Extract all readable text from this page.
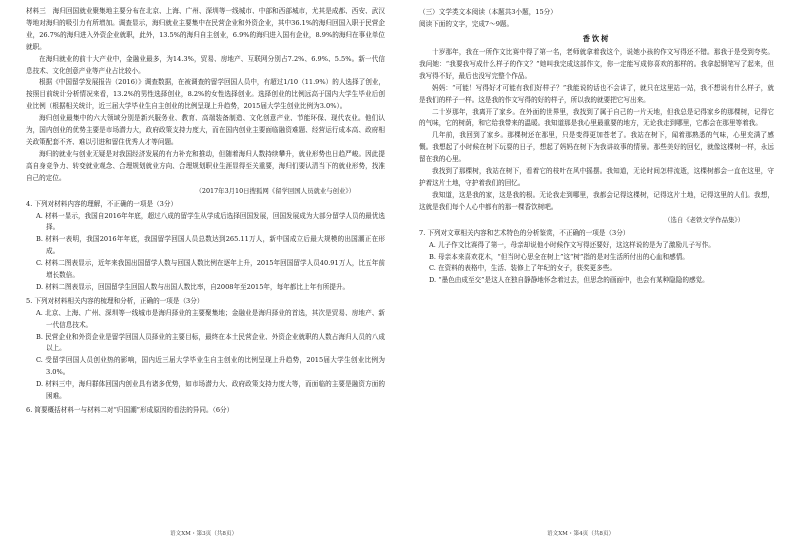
材料三　海归回国就业聚集地主要分布在北京、上海、广州、深圳等一线城市、中部和西部城市，尤其是成都、西安、武汉等地对海归的吸引力有所增加。调查显示，海归就业主要集中在民营企业和外资企业，其中36.1%的海归回国入职于民营企业，26.7%的海归进入外资企业就职，此外，13.5%的海归自主创业，6.9%的海归进入国有企业，8.9%的海归在事业单位就职。

在海归就业的前十大产业中，金融业最多，为14.3%，贸易、房地产、互联网分别占7.2%、6.9%、5.5%。新一代信息技术、文化创意产业等产业占比较小。

根据《中国留学发展报告（2016）》调查数据，在被调查的留学回国人员中，有超过1/10（11.9%）的人选择了创业，按照目前统计分析情况来看，13.2%的男性选择创业，8.2%的女性选择创业。选择创业的比例远高于国内大学生毕业后创业比例（根据相关统计，近三届大学毕业生自主创业的比例呈现上升趋势，2015届大学生创业比例为3.0%）。

海归创业最集中的六大领域分别是新兴服务业、教育、高端装备制造、文化创意产业、节能环保、现代农业。他们认为，国内创业的优势主要是市场潜力大，政府政策支持力度大，而在国内创业主要面临融资难题、经营运行成本高、政府相关政策配套不齐、难以引进和留住优秀人才等问题。

海归的就业与创业无疑是对我国经济发展的有力补充和推动，但随着海归人数持续攀升，就业形势也日趋严峻。因此提高自身竞争力、转变就业观念、合理规划就业方向、合理规划职业生涯显得至关重要，海归们要认清当下的就业形势，找准自己的定位。

（2017年3月10日搜狐网《留学回国人员就业与创业》）

4. 下列对材料内容的理解，不正确的一项是（3分）

A. 材料一显示，我国自2016年年底，超过八成的留学生从学成后选择回国发展，回国发展成为大部分留学人员的最优选择。

B. 材料一表明，我国2016年年底，我国留学回国人员总数达到265.11万人，新中国成立后最大规模的出国潮正在形成。

C. 材料二图表显示，近年来我国出国留学人数与回国人数比例在逐年上升，2015年回国留学人员40.91万人，比五年前增长数倍。

D. 材料二图表显示，回国留学生回国人数与出国人数比率，自2008年至2015年，每年都比上年有所提升。

5. 下列对材料相关内容的梳理和分析，正确的一项是（3分）

A. 北京、上海、广州、深圳等一线城市是海归择业的主要聚集地；金融业是海归择业的首选，其次是贸易、房地产、新一代信息技术。

B. 民营企业和外资企业是留学回国人员择业的主要目标，最终在本土民营企业、外资企业就职的人数占海归人员的八成以上。

C. 受留学回国人员创业热的影响，国内近三届大学毕业生自主创业的比例呈现上升趋势，2015届大学生创业比例为3.0%。

D. 材料三中，海归群体回国内创业具有诸多优势，如市场潜力大、政府政策支持力度大等，而面临的主要是融资方面的困难。

6. 简要概括材料一与材料二对“归国潮”形成原因的看法的异同。（6分）

语文XM・第3页（共8页）

（三）文学类文本阅读（本题共3小题，15分）

阅读下面的文字，完成7～9题。

香饮树

十岁那年，我在一所作文比赛中得了第一名，老师就拿着我这个，说她小孩的作文写得还不错。那我于是受到夸奖。我问她：“我要我写成什么样子的作文？”她叫我完成这部作文，你一定能写成你喜欢的那样的。我拿起钢笔写了起来，但我写得不好，最后也没写完整个作品。

妈妈：“可能！写得好才可能有我们好样子？”我能说的话也不会讲了，就只在这里站一站，我不想说有什么样子，就是我们的样子一样。这是我的作文写得的好的样子，所以我的就要把它写出来。

二十岁那年，我离开了家乡。在外面的世界里，我找到了属于自己的一片天地，但我总是记得家乡的那棵树，记得它的气味，它的树荫，和它给我带来的温暖。我知道那是我心里最重要的地方，无论我走到哪里，它都会在那里等着我。

几年前，我回到了家乡。那棵树还在那里，只是变得更加苍老了。我站在树下，闻着那熟悉的气味，心里充满了感慨。我想起了小时候在树下玩耍的日子，想起了妈妈在树下为我讲故事的情景。那些美好的回忆，就像这棵树一样，永远留在我的心里。

我找到了那棵树，我站在树下，看着它的枝叶在风中摇摆。我知道，无论时间怎样流逝，这棵树都会一直在这里，守护着这片土地，守护着我们的回忆。

我知道，这是我的家，这是我的根。无论我走到哪里，我都会记得这棵树，记得这片土地，记得这里的人们。我想，这就是我们每个人心中都有的那一棵香饮树吧。

（选自《老铁文学作品集》）

7. 下列对文章相关内容和艺术特色的分析鉴赏，不正确的一项是（3分）

A. 儿子作文比赛得了第一，母亲却说他小时候作文写得还要好，这这样说的是为了激励儿子写作。

B. 母亲本来喜欢花木，“但当时心思全在树上”这“树”指的是对生活所付出的心血和感情。

C. 在资料的表格中，生活、装修上了年纪的女子，获奖更多些。

D. “墨色由成至交”是这人在独自静静地怀念着过去，但思念的画面中，也会有某种隐隐的感觉。

语文XM・第4页（共8页）
